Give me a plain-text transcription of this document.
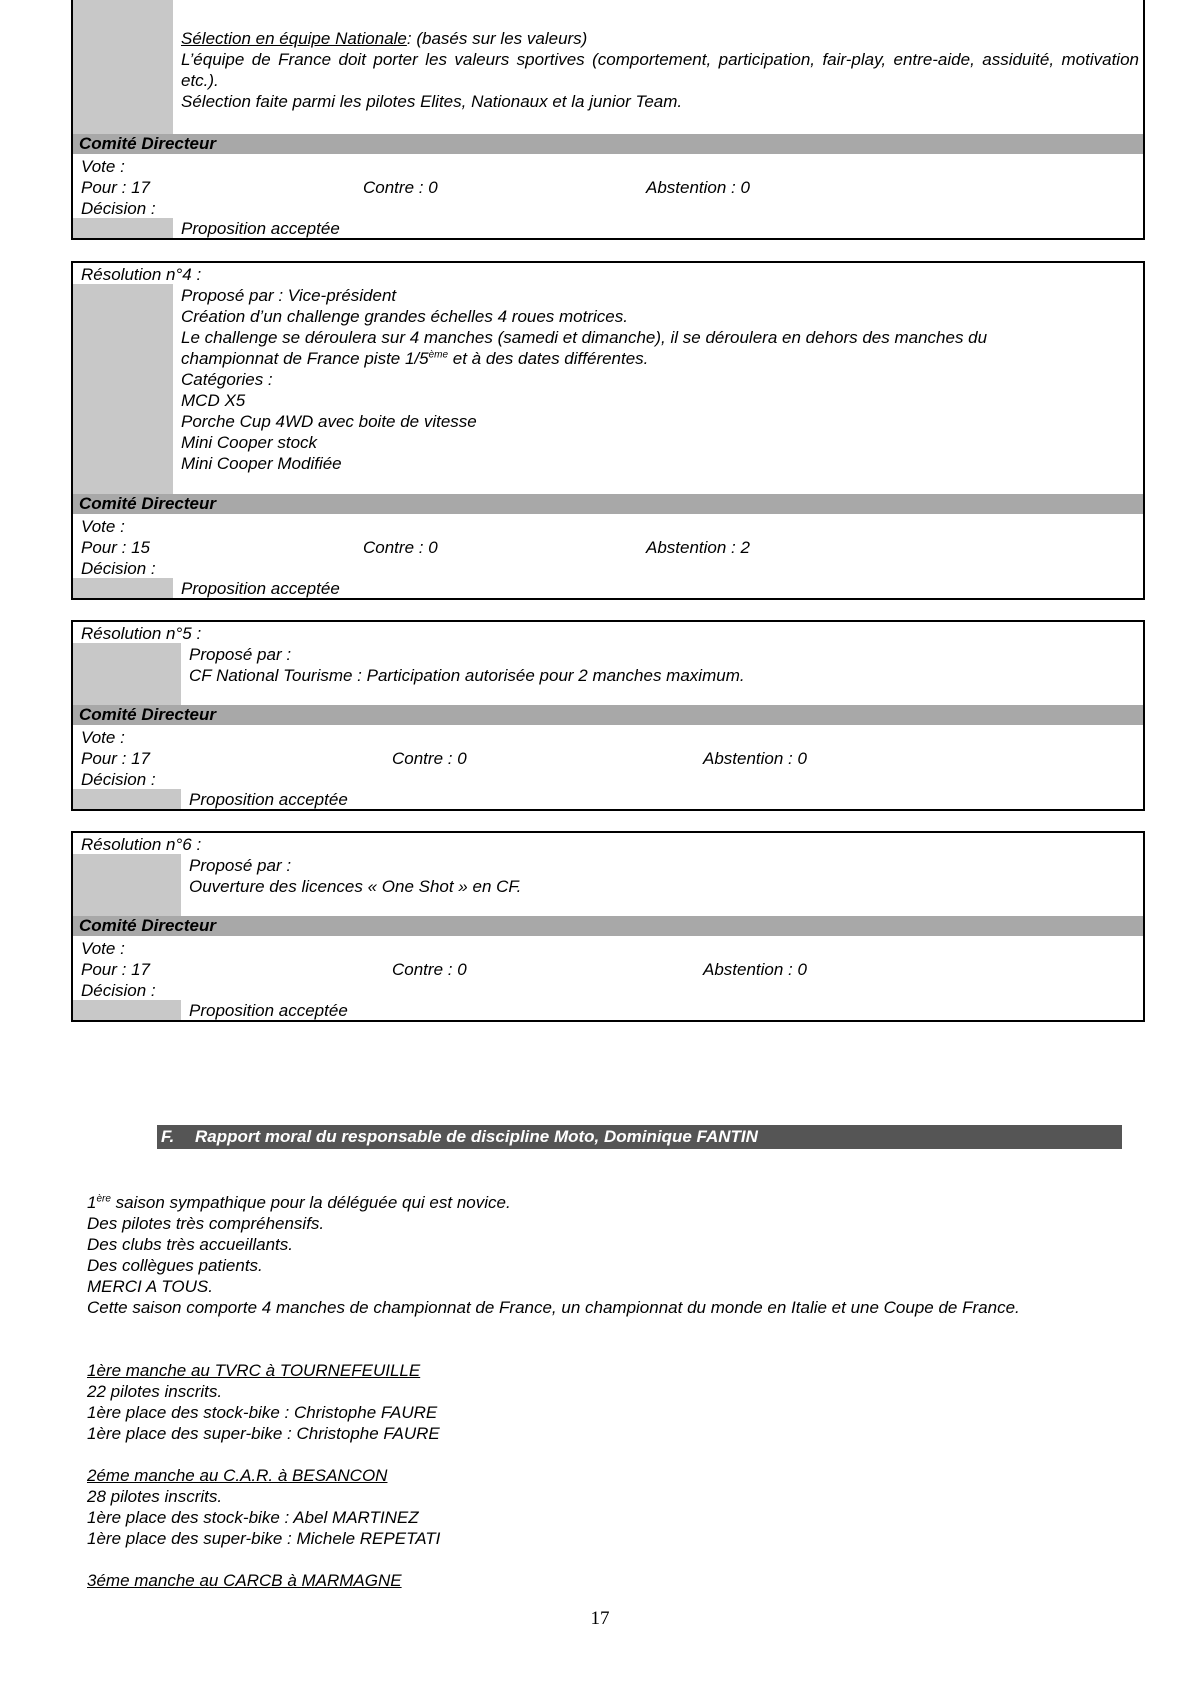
Sélection en équipe Nationale: (basés sur les valeurs)
L’équipe de France doit porter les valeurs sportives (comportement, participation, fair-play, entre-aide, assiduité, motivation etc.).
Sélection faite parmi les pilotes Elites, Nationaux et la junior Team.
Comité Directeur
Vote :
Pour : 17	Contre : 0	Abstention : 0
Décision :
Proposition acceptée
Résolution n°4 :
Proposé par : Vice-président
Création d’un challenge grandes échelles 4 roues motrices.
Le challenge se déroulera sur 4 manches (samedi et dimanche), il se déroulera en dehors des manches du
championnat de France piste 1/5ème et à des dates différentes.
Catégories :
MCD X5
Porche Cup 4WD avec boite de vitesse
Mini Cooper stock
Mini Cooper Modifiée
Comité Directeur
Vote :
Pour : 15	Contre : 0	Abstention : 2
Décision :
Proposition acceptée
Résolution n°5 :
Proposé par :
CF National Tourisme : Participation autorisée pour 2 manches maximum.
Comité Directeur
Vote :
Pour : 17	Contre : 0	Abstention : 0
Décision :
Proposition acceptée
Résolution n°6 :
Proposé par :
Ouverture des licences « One Shot » en CF.
Comité Directeur
Vote :
Pour : 17	Contre : 0	Abstention : 0
Décision :
Proposition acceptée
F. Rapport moral du responsable de discipline Moto, Dominique FANTIN
1ère saison sympathique pour la déléguée qui est novice.
Des pilotes très compréhensifs.
Des clubs très accueillants.
Des collègues patients.
MERCI A TOUS.
Cette saison comporte 4 manches de championnat de France, un championnat du monde en Italie et une Coupe de France.
1ère manche au TVRC à TOURNEFEUILLE
22 pilotes inscrits.
1ère place des stock-bike : Christophe FAURE
1ère place des super-bike : Christophe FAURE
2éme manche au C.A.R. à BESANCON
28 pilotes inscrits.
1ère place des stock-bike : Abel MARTINEZ
1ère place des super-bike : Michele REPETATI
3éme manche au CARCB à MARMAGNE
17
